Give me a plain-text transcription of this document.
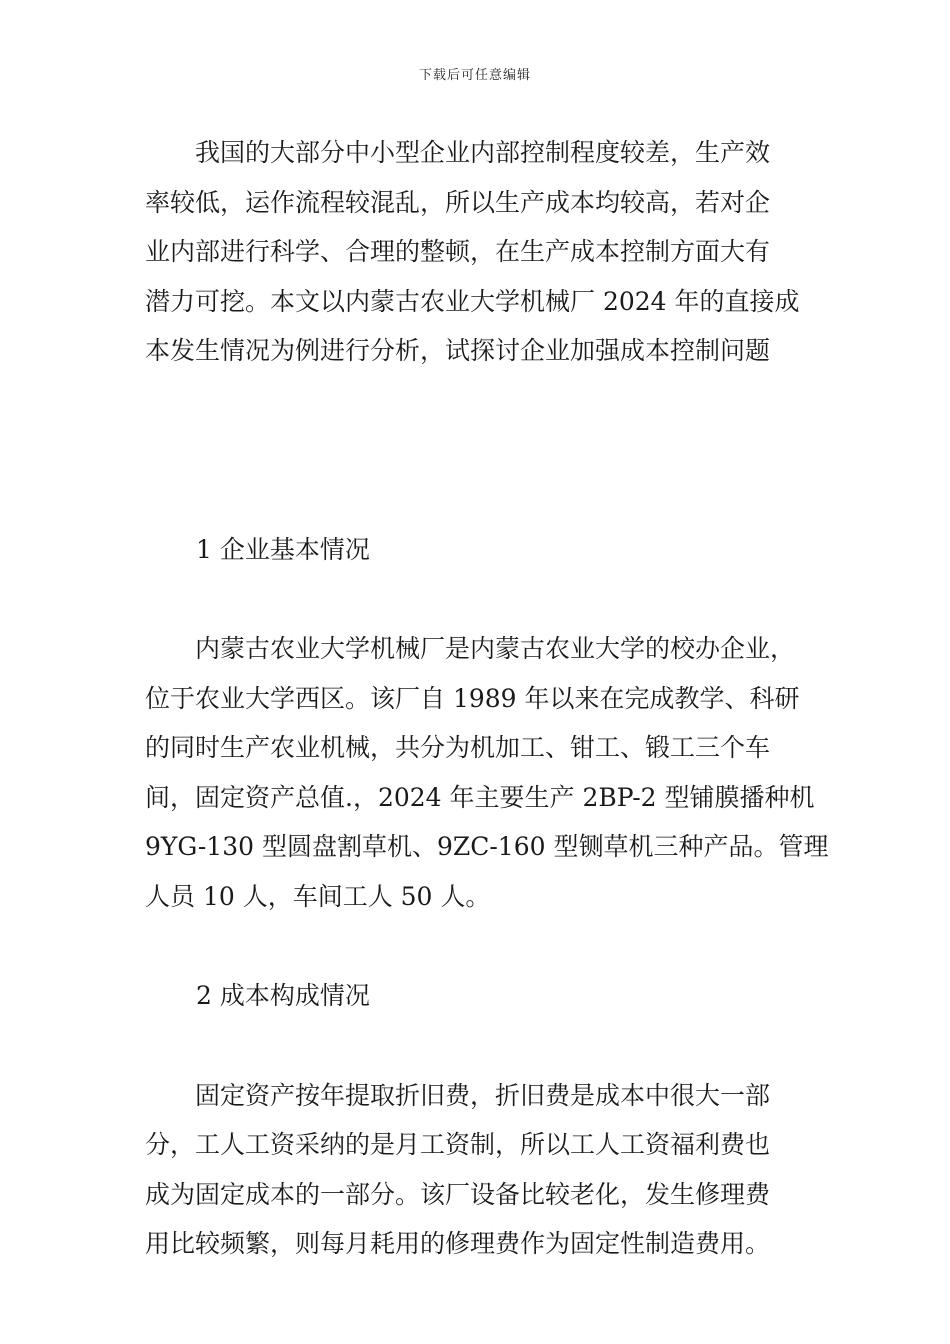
下载后可任意编辑
　　我国的大部分中小型企业内部控制程度较差，生产效
率较低，运作流程较混乱，所以生产成本均较高，若对企
业内部进行科学、合理的整顿，在生产成本控制方面大有
潜力可挖。本文以内蒙古农业大学机械厂 2024 年的直接成
本发生情况为例进行分析，试探讨企业加强成本控制问题
1 企业基本情况
　　内蒙古农业大学机械厂是内蒙古农业大学的校办企业，
位于农业大学西区。该厂自 1989 年以来在完成教学、科研
的同时生产农业机械，共分为机加工、钳工、锻工三个车
间，固定资产总值.，2024 年主要生产 2BP-2 型铺膜播种机
9YG-130 型圆盘割草机、9ZC-160 型铡草机三种产品。管理
人员 10 人，车间工人 50 人。
2 成本构成情况
　　固定资产按年提取折旧费，折旧费是成本中很大一部
分，工人工资采纳的是月工资制，所以工人工资福利费也
成为固定成本的一部分。该厂设备比较老化，发生修理费
用比较频繁，则每月耗用的修理费作为固定性制造费用。
